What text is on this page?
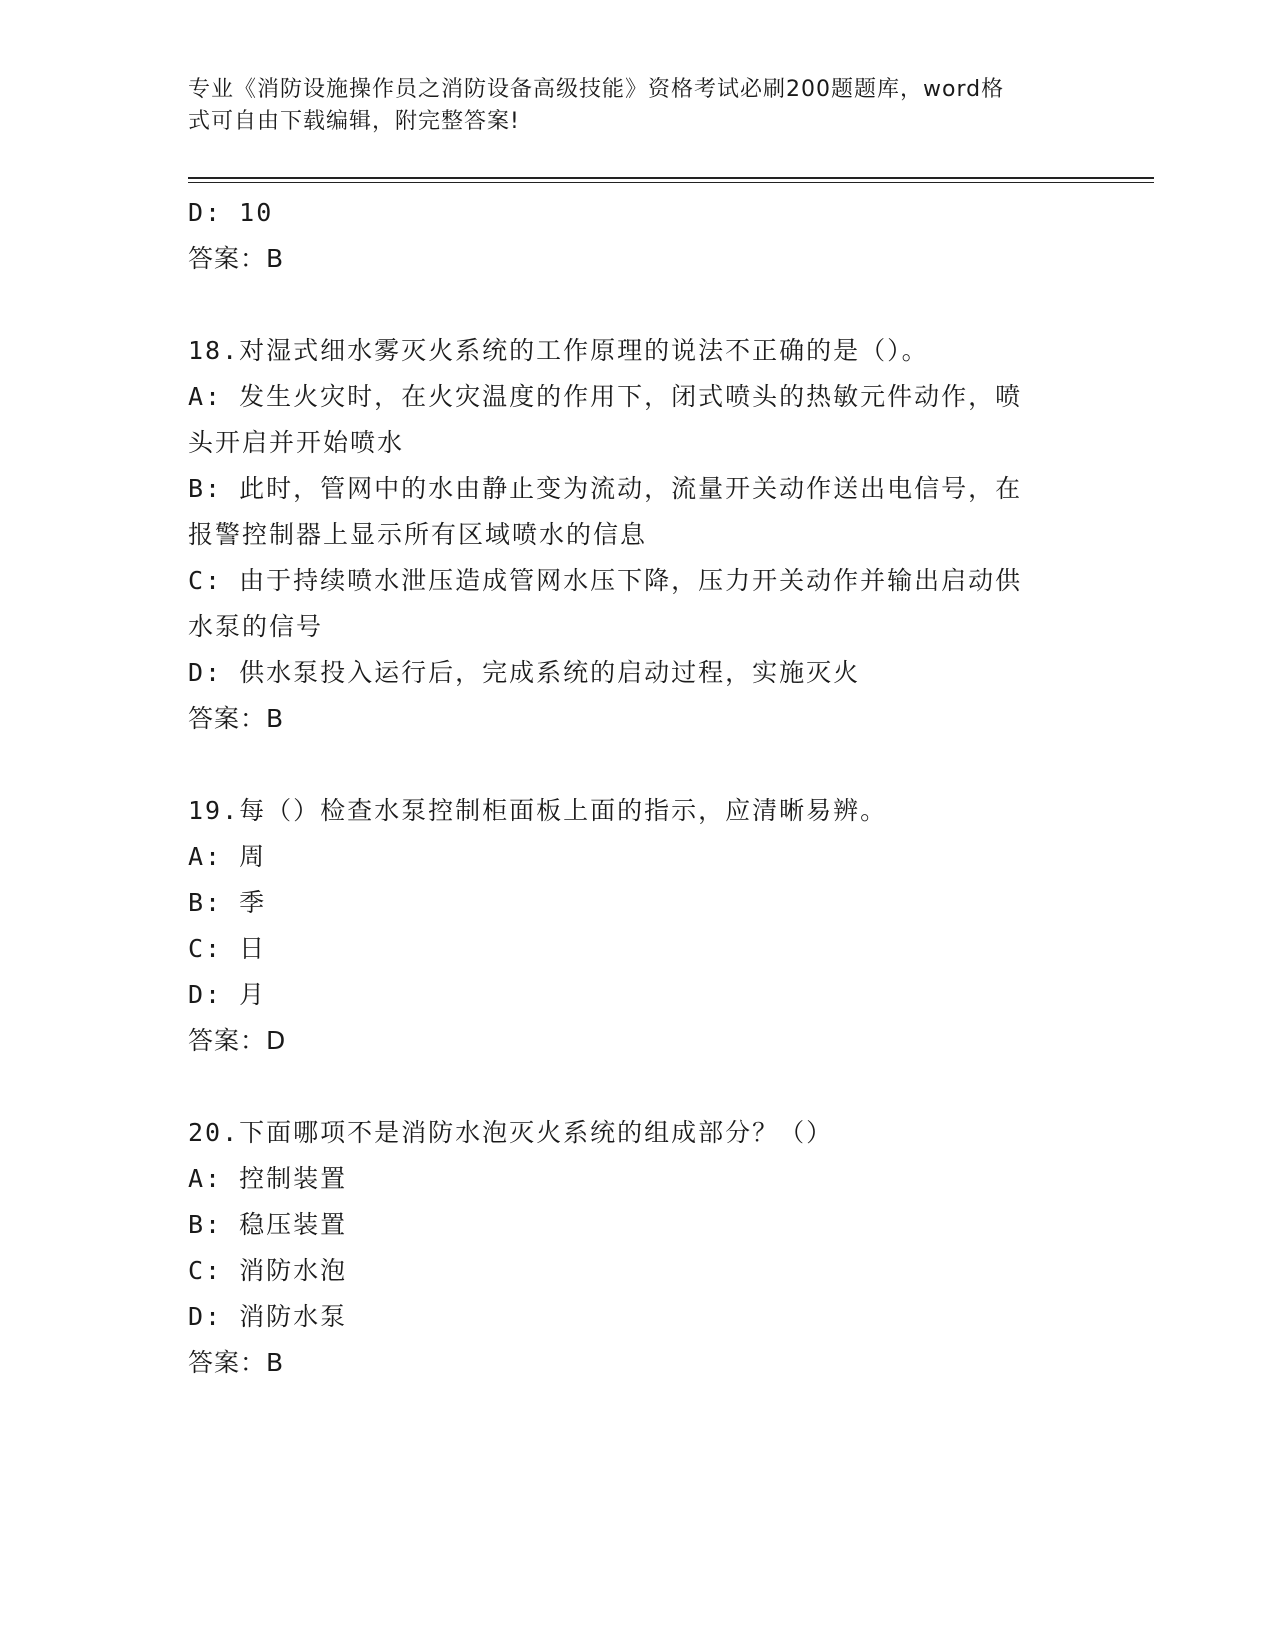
专业《消防设施操作员之消防设备高级技能》资格考试必刷200题题库，word格
式可自由下载编辑，附完整答案!
D: 10
答案：B
18.对湿式细水雾灭火系统的工作原理的说法不正确的是（）。
A: 发生火灾时，在火灾温度的作用下，闭式喷头的热敏元件动作，喷
头开启并开始喷水
B: 此时，管网中的水由静止变为流动，流量开关动作送出电信号，在
报警控制器上显示所有区域喷水的信息
C: 由于持续喷水泄压造成管网水压下降，压力开关动作并输出启动供
水泵的信号
D: 供水泵投入运行后，完成系统的启动过程，实施灭火
答案：B
19.每（）检查水泵控制柜面板上面的指示，应清晰易辨。
A: 周
B: 季
C: 日
D: 月
答案：D
20.下面哪项不是消防水泡灭火系统的组成部分？（）
A: 控制装置
B: 稳压装置
C: 消防水泡
D: 消防水泵
答案：B
